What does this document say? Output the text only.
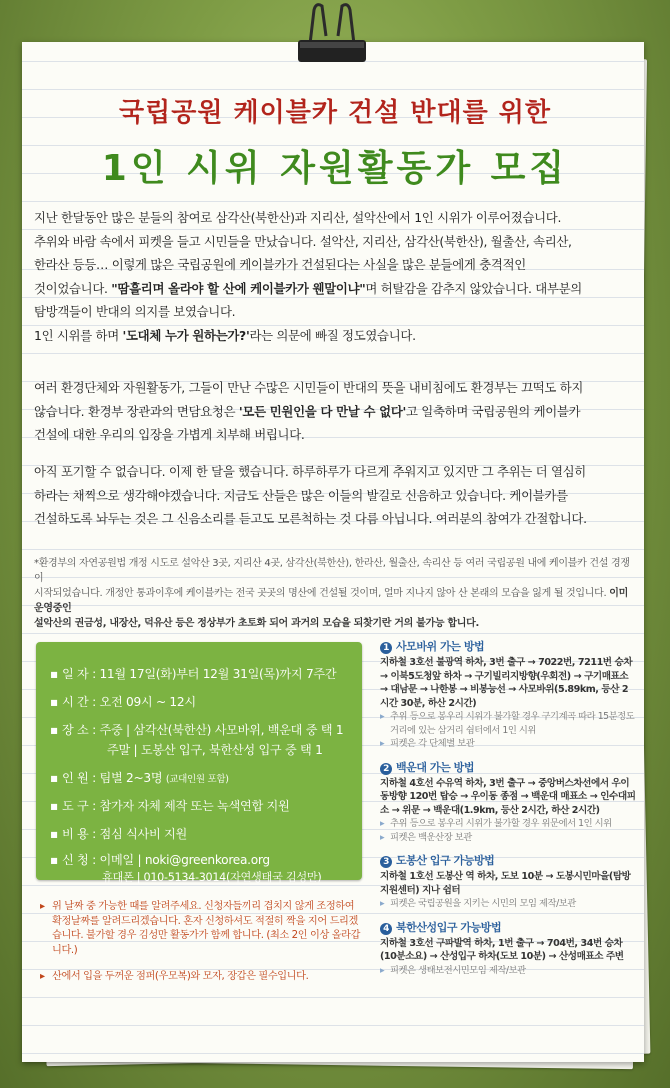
국립공원 케이블카 건설 반대를 위한
1인 시위 자원활동가 모집
지난 한달동안 많은 분들의 참여로 삼각산(북한산)과 지리산, 설악산에서 1인 시위가 이루어졌습니다.
추위와 바람 속에서 피켓을 들고 시민들을 만났습니다. 설악산, 지리산, 삼각산(북한산), 월출산, 속리산,
한라산 등등… 이렇게 많은 국립공원에 케이블카가 건설된다는 사실을 많은 분들에게 충격적인
것이었습니다. "땀흘리며 올라야 할 산에 케이블카가 웬말이냐"며 허탈감을 감추지 않았습니다. 대부분의
탐방객들이 반대의 의지를 보였습니다.
1인 시위를 하며 '도대체 누가 원하는가?'라는 의문에 빠질 정도였습니다.
여러 환경단체와 자원활동가, 그들이 만난 수많은 시민들이 반대의 뜻을 내비침에도 환경부는 끄떡도 하지
않습니다. 환경부 장관과의 면담요청은 '모든 민원인을 다 만날 수 없다'고 일축하며 국립공원의 케이블카
건설에 대한 우리의 입장을 가볍게 치부해 버립니다.
아직 포기할 수 없습니다. 이제 한 달을 했습니다. 하루하루가 다르게 추워지고 있지만 그 추위는 더 열심히
하라는 채찍으로 생각해야겠습니다. 지금도 산들은 많은 이들의 발길로 신음하고 있습니다. 케이블카를
건설하도록 놔두는 것은 그 신음소리를 듣고도 모른척하는 것 다름 아닙니다. 여러분의 참여가 간절합니다.
*환경부의 자연공원법 개정 시도로 설악산 3곳, 지리산 4곳, 삼각산(북한산), 한라산, 월출산, 속리산 등 여러 국립공원 내에 케이블카 건설 경쟁이
시작되었습니다. 개정안 통과이후에 케이블카는 전국 곳곳의 명산에 건설될 것이며, 얼마 지나지 않아 산 본래의 모습을 잃게 될 것입니다. 이미 운영중인
설악산의 권금성, 내장산, 덕유산 등은 정상부가 초토화 되어 과거의 모습을 되찾기란 거의 불가능 합니다.
▪ 일 자 : 11월 17일(화)부터 12월 31일(목)까지 7주간
▪ 시 간 : 오전 09시 ~ 12시
▪ 장 소 : 주중 | 삼각산(북한산) 사모바위, 백운대 중 택 1
주말 | 도봉산 입구, 북한산성 입구 중 택 1
▪ 인 원 : 팀별 2~3명 (교대인원 포함)
▪ 도 구 : 참가자 자체 제작 또는 녹색연합 지원
▪ 비 용 : 점심 식사비 지원
▪ 신 청 : 이메일 | noki@greenkorea.org
휴대폰 | 010-5134-3014(자연생태국 김성만)
▸ 위 날짜 중 가능한 때를 알려주세요. 신청자들끼리 겹치지 않게 조정하여 확정날짜를 알려드리겠습니다. 혼자 신청하셔도 적절히 짝을 지어 드리겠습니다. 불가할 경우 김성만 활동가가 함께 합니다. (최소 2인 이상 올라갑니다.)
▸ 산에서 입을 두꺼운 점퍼(우모복)와 모자, 장갑은 필수입니다.
1 사모바위 가는 방법
지하철 3호선 불광역 하차, 3번 출구 → 7022번, 7211번 승차 → 이북5도청앞 하차 → 구기빌리지방향(우회전) → 구기매표소 → 대남문 → 나한봉 → 비봉능선 → 사모바위(5.89km, 등산 2시간 30분, 하산 2시간)
▸ 추위 등으로 봉우리 시위가 불가할 경우 구기계곡 따라 15분정도 거리에 있는 삼거리 쉼터에서 1인 시위
▸ 피켓은 각 단체별 보관
2 백운대 가는 방법
지하철 4호선 수유역 하차, 3번 출구 → 중앙버스차선에서 우이동방향 120번 탑승 → 우이동 종점 → 백운대 매표소 → 인수대피소 → 위문 → 백운대(1.9km, 등산 2시간, 하산 2시간)
▸ 추위 등으로 봉우리 시위가 불가할 경우 위문에서 1인 시위
▸ 피켓은 백운산장 보관
3 도봉산 입구 가능방법
지하철 1호선 도봉산 역 하차, 도보 10분 → 도봉시민마을(탐방지원센터) 지나 쉼터
▸ 피켓은 국립공원을 지키는 시민의 모임 제작/보관
4 북한산성입구 가능방법
지하철 3호선 구파발역 하차, 1번 출구 → 704번, 34번 승차(10분소요) → 산성입구 하차(도보 10분) → 산성매표소 주변
▸ 피켓은 생태보전시민모임 제작/보관
